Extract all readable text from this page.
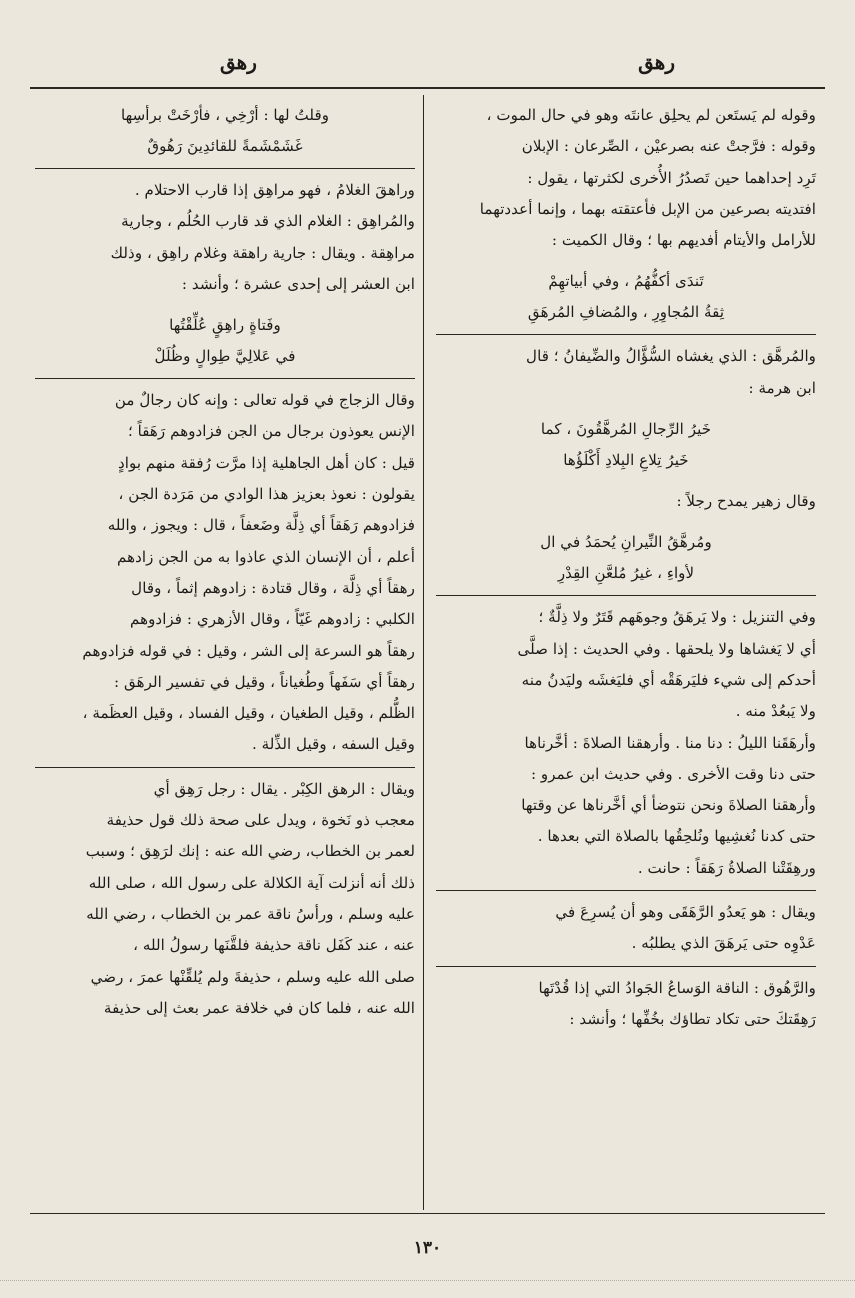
رهق
رهق

وقوله لم يَستَعن لم يحلِق عانتَه وهو في حال الموت ،

وقوله : فرَّجتْ عنه بصرعيْن ، الصِّرعان : الإبلان

تَرِد إحداهما حين تَصدُرُ الأُخرى لكثرتها ، يقول :

افتديته بصرعين من الإبل فأعتقته بهما ، وإنما أعددتهما

للأرامل والأيتام أفديهم بها ؛ وقال الكميت :

تَندَى أكفُّهُمُ ، وفي أبياتهِمْ

ثِقةُ المُجاوِرِ ، والمُضافِ المُرهَقِ

والمُرهَّق : الذي يغشاه السُّؤَّالُ والضِّيفانُ ؛ قال

ابن هرمة :

خَيرُ الرِّجالِ المُرهَّقُونَ ، كما

خَيرُ تِلاعِ البِلادِ أَكْلَؤُها

وقال زهير يمدح رجلاً :

ومُرهَّقُ النِّيرانِ يُحمَدُ في ال

لأواءِ ، غيرُ مُلعَّنِ القِدْرِ

وفي التنزيل : ولا يَرهَقُ وجوهَهم قَتَرٌ ولا ذِلَّةٌ ؛

أي لا يَغشاها ولا يلحقها . وفي الحديث : إذا صلَّى

أحدكم إلى شيء فليَرهَقْه أي فليَغشَه وليَدنُ منه

ولا يَبعُدْ منه .

وأرهَقَنا الليلُ : دنا منا . وأرهقنا الصلاةَ : أخَّرناها

حتى دنا وقت الأخرى . وفي حديث ابن عمرو :

وأرهقنا الصلاةَ ونحن نتوضأ أي أخَّرناها عن وقتها

حتى كدنا نُغشِيها ونُلحِقُها بالصلاة التي بعدها .

ورهِقَتْنا الصلاةُ رَهَقاً : حانت .

ويقال : هو يَعدُو الرَّهَقَى وهو أن يُسرِعَ في

عَدْوِه حتى يَرهَقَ الذي يطلبُه .

والرَّهُوق : الناقة الوَساعُ الجَوادُ التي إذا قُدْتَها

رَهِقَتكَ حتى تكاد تطاؤك بخُفِّها ؛ وأنشد :

وقلتُ لها : أرْخِي ، فأرْخَتْ برأسِها

غَشَمْشَمةً للقائدِينَ رَهُوقٌ

وراهقَ الغلامُ ، فهو مراهِق إذا قارب الاحتلام .

والمُراهِق : الغلام الذي قد قارب الحُلُم ، وجارية

مراهِقة . ويقال : جارية راهقة وغلام راهِق ، وذلك

ابن العشر إلى إحدى عشرة ؛ وأنشد :

وفَتاةٍ راهِقٍ عُلِّقْتُها

في عَلالِيَّ طِوالٍ وظُلَلْ

وقال الزجاج في قوله تعالى : وإنه كان رجالٌ من

الإنس يعوذون برجال من الجن فزادوهم رَهَقاً ؛

قيل : كان أهل الجاهلية إذا مرَّت رُفقة منهم بوادٍ

يقولون : نعوذ بعزيز هذا الوادي من مَرَدة الجن ،

فزادوهم رَهَقاً أي ذِلَّة وضَعفاً ، قال : ويجوز ، والله

أعلم ، أن الإنسان الذي عاذوا به من الجن زادهم

رهقاً أي ذِلَّة ، وقال قتادة : زادوهم إثماً ، وقال

الكلبي : زادوهم غَيّاً ، وقال الأزهري : فزادوهم

رهقاً هو السرعة إلى الشر ، وقيل : في قوله فزادوهم

رهقاً أي سَفَهاً وطُغياناً ، وقيل في تفسير الرهَق :

الظُّلم ، وقيل الطغيان ، وقيل الفساد ، وقيل العظَمة ،

وقيل السفه ، وقيل الذِّلة .

ويقال : الرهق الكِبْر . يقال : رجل رَهِق أي

معجب ذو نَخوة ، ويدل على صحة ذلك قول حذيفة

لعمر بن الخطاب، رضي الله عنه : إنك لرَهِق ؛ وسبب

ذلك أنه أنزلت آية الكلالة على رسول الله ، صلى الله

عليه وسلم ، ورأسُ ناقة عمر بن الخطاب ، رضي الله

عنه ، عند كَفَل ناقة حذيفة فلقَّنَها رسولُ الله ،

صلى الله عليه وسلم ، حذيفةَ ولم يُلقِّنْها عمرَ ، رضي

الله عنه ، فلما كان في خلافة عمر بعث إلى حذيفة

١٣٠
